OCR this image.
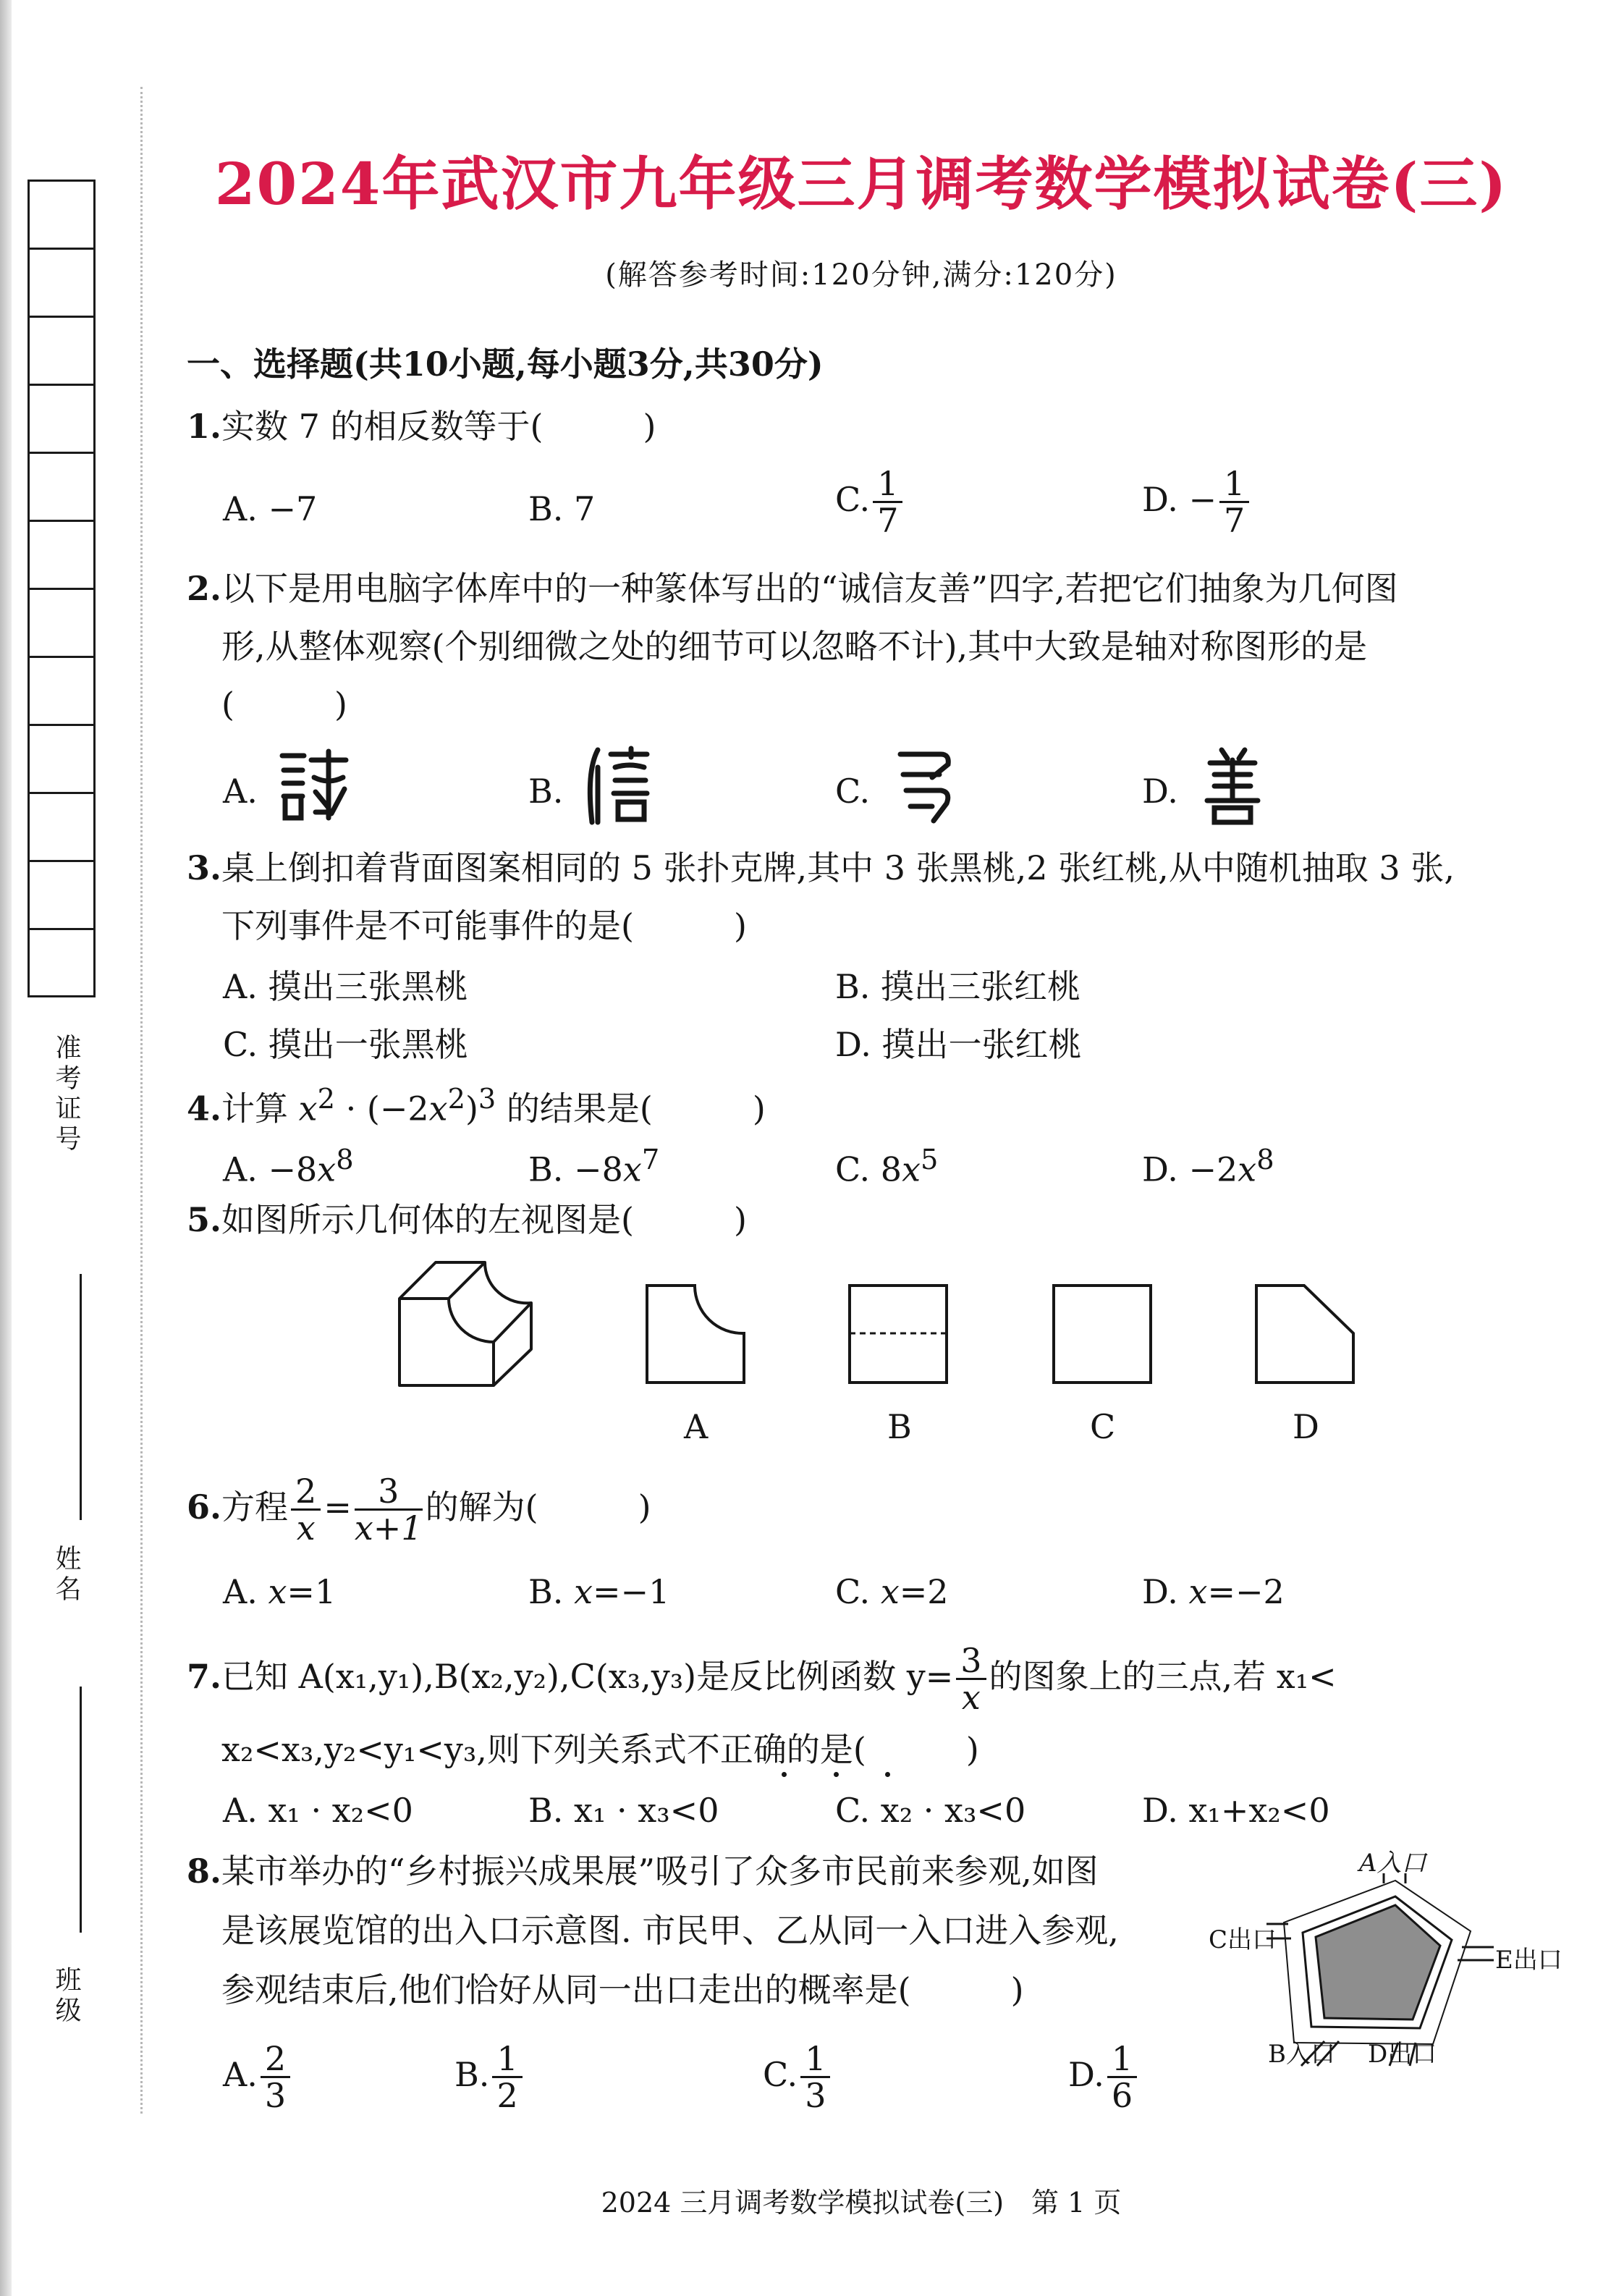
准考证号
姓名
班级
2024年武汉市九年级三月调考数学模拟试卷(三)
(解答参考时间:120分钟,满分:120分)
一、选择题(共10小题,每小题3分,共30分)
1.实数 7 的相反数等于(　　　)
A. −7	B. 7	C. $\frac{1}{7}$	D. − $\frac{1}{7}$
2.以下是用电脑字体库中的一种篆体写出的“诚信友善”四字,若把它们抽象为几何图
形,从整体观察(个别细微之处的细节可以忽略不计),其中大致是轴对称图形的是
(　　　)
A.	B.	C.	D.
3.桌上倒扣着背面图案相同的 5 张扑克牌,其中 3 张黑桃,2 张红桃,从中随机抽取 3 张,
下列事件是不可能事件的是(　　　)
A. 摸出三张黑桃	B. 摸出三张红桃
C. 摸出一张黑桃	D. 摸出一张红桃
4.计算 $x^2 \cdot (-2x^2)^3$ 的结果是(　　　)
A. $-8x^8$	B. $-8x^7$	C. $8x^5$	D. $-2x^8$
5.如图所示几何体的左视图是(　　　)
A	B	C	D
6.方程 $\frac{2}{x}= \frac{3}{x+1}$的解为(　　　)
A. x=1	B. x=−1	C. x=2	D. x=−2
7.已知 A(x₁,y₁),B(x₂,y₂),C(x₃,y₃)是反比例函数 $y= \frac{3}{x}$的图象上的三点,若 x₁<
x₂<x₃,y₂<y₁<y₃,则下列关系式不正确的是(　　　)
A. x₁ · x₂<0	B. x₁ · x₃<0	C. x₂ · x₃<0	D. x₁+x₂<0
8.某市举办的“乡村振兴成果展”吸引了众多市民前来参观,如图
是该展览馆的出入口示意图. 市民甲、乙从同一入口进入参观,
参观结束后,他们恰好从同一出口走出的概率是(　　　)
A. $\frac{2}{3}$	B. $\frac{1}{2}$	C. $\frac{1}{3}$	D. $\frac{1}{6}$
A入口
C出口
E出口
B入口 D出口
2024 三月调考数学模拟试卷(三)　第 1 页
